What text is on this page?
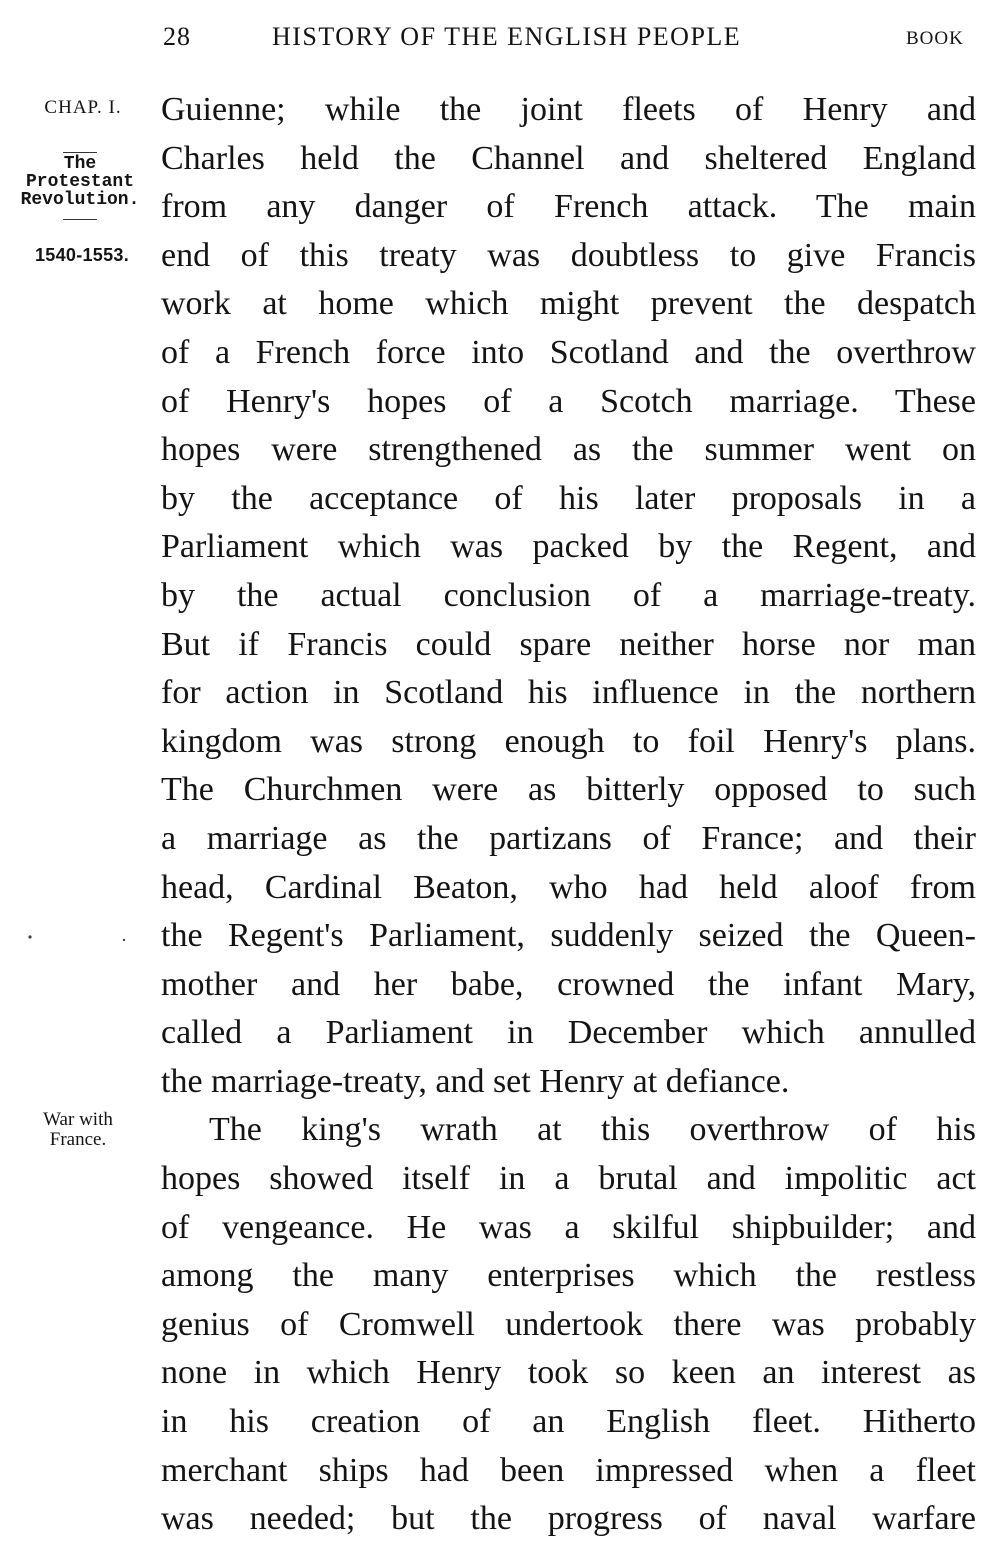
28	HISTORY OF THE ENGLISH PEOPLE	BOOK
CHAP. I.
The
Protestant
Revolution.
1540-1553.
War with
France.
Guienne; while the joint fleets of Henry and
Charles held the Channel and sheltered England
from any danger of French attack. The main
end of this treaty was doubtless to give Francis
work at home which might prevent the despatch
of a French force into Scotland and the overthrow
of Henry's hopes of a Scotch marriage. These
hopes were strengthened as the summer went on
by the acceptance of his later proposals in a
Parliament which was packed by the Regent, and
by the actual conclusion of a marriage-treaty.
But if Francis could spare neither horse nor man
for action in Scotland his influence in the northern
kingdom was strong enough to foil Henry's plans.
The Churchmen were as bitterly opposed to such
a marriage as the partizans of France; and their
head, Cardinal Beaton, who had held aloof from
the Regent's Parliament, suddenly seized the Queen-
mother and her babe, crowned the infant Mary,
called a Parliament in December which annulled
the marriage-treaty, and set Henry at defiance.
The king's wrath at this overthrow of his
hopes showed itself in a brutal and impolitic act
of vengeance. He was a skilful shipbuilder; and
among the many enterprises which the restless
genius of Cromwell undertook there was probably
none in which Henry took so keen an interest as
in his creation of an English fleet. Hitherto
merchant ships had been impressed when a fleet
was needed; but the progress of naval warfare
